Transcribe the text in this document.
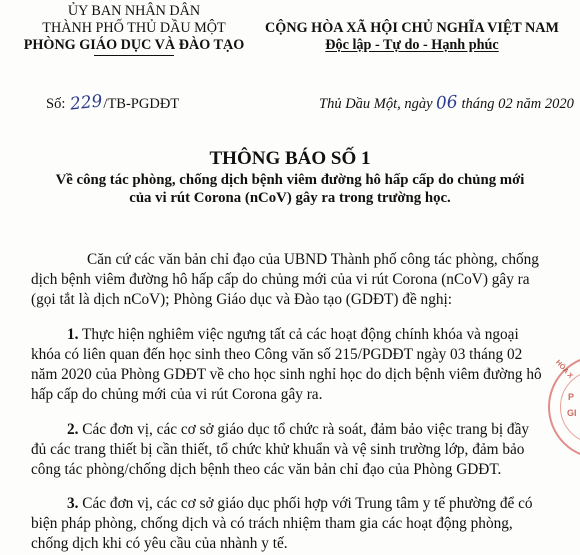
ỦY BAN NHÂN DÂN
THÀNH PHỐ THỦ DẦU MỘT
PHÒNG GIÁO DỤC VÀ ĐÀO TẠO
CỘNG HÒA XÃ HỘI CHỦ NGHĨA VIỆT NAM
Độc lập - Tự do - Hạnh phúc
Số: 229/TB-PGDĐT	Thủ Dầu Một, ngày 06 tháng 02 năm 2020
THÔNG BÁO SỐ 1
Về công tác phòng, chống dịch bệnh viêm đường hô hấp cấp do chủng mới
của vi rút Corona (nCoV) gây ra trong trường học.
Căn cứ các văn bản chỉ đạo của UBND Thành phố công tác phòng, chống
dịch bệnh viêm đường hô hấp cấp do chủng mới của vi rút Corona (nCoV) gây ra
(gọi tắt là dịch nCoV); Phòng Giáo dục và Đào tạo (GDĐT) đề nghị:
1. Thực hiện nghiêm việc ngưng tất cả các hoạt động chính khóa và ngoại
khóa có liên quan đến học sinh theo Công văn số 215/PGDĐT ngày 03 tháng 02
năm 2020 của Phòng GDĐT về cho học sinh nghỉ học do dịch bệnh viêm đường hô
hấp cấp do chủng mới của vi rút Corona gây ra.
2. Các đơn vị, các cơ sở giáo dục tổ chức rà soát, đảm bảo việc trang bị đầy
đủ các trang thiết bị cần thiết, tổ chức khử khuẩn và vệ sinh trường lớp, đảm bảo
công tác phòng/chống dịch bệnh theo các văn bản chỉ đạo của Phòng GDĐT.
3. Các đơn vị, các cơ sở giáo dục phối hợp với Trung tâm y tế phường để có
biện pháp phòng, chống dịch và có trách nhiệm tham gia các hoạt động phòng,
chống dịch khi có yêu cầu của nhành y tế.
HÒA X
P
GI
